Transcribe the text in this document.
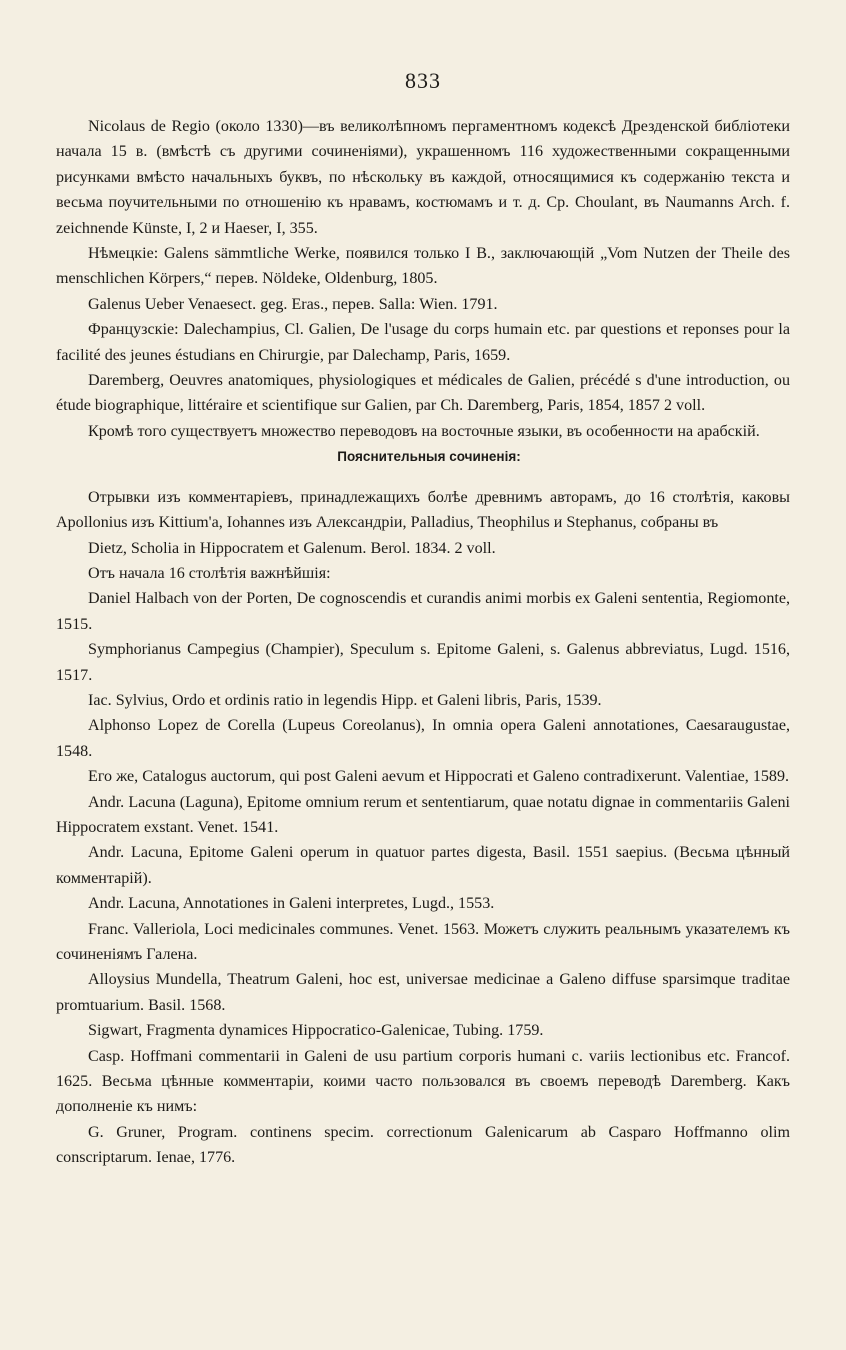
833

Nicolaus de Regio (около 1330)—въ великолѣпномъ пергаментномъ кодексѣ Дрезденской библіотеки начала 15 в. (вмѣстѣ съ другими сочиненіями), украшенномъ 116 художественными сокращенными рисунками вмѣсто начальныхъ буквъ, по нѣскольку въ каждой, относящимися къ содержанію текста и весьма поучительными по отношенію къ нравамъ, костюмамъ и т. д. Ср. Choulant, въ Naumanns Arch. f. zeichnende Künste, I, 2 и Haeser, I, 355.

Нѣмецкіе: Galens sämmtliche Werke, появился только I В., заключающій „Vom Nutzen der Theile des menschlichen Körpers,“ перев. Nöldeke, Oldenburg, 1805.

Galenus Ueber Venaesect. geg. Eras., перев. Salla: Wien. 1791.

Французскіе: Dalechampius, Cl. Galien, De l'usage du corps humain etc. par questions et reponses pour la facilité des jeunes éstudians en Chirurgie, par Dalechamp, Paris, 1659.

Daremberg, Oeuvres anatomiques, physiologiques et médicales de Galien, précédé s d'une introduction, ou étude biographique, littéraire et scientifique sur Galien, par Ch. Daremberg, Paris, 1854, 1857 2 voll.

Кромѣ того существуетъ множество переводовъ на восточные языки, въ особенности на арабскій.

Пояснительныя сочиненія:

Отрывки изъ комментаріевъ, принадлежащихъ болѣе древнимъ авторамъ, до 16 столѣтія, каковы Apollonius изъ Kittium'a, Iohannes изъ Александріи, Palladius, Theophilus и Stephanus, собраны въ

Dietz, Scholia in Hippocratem et Galenum. Berol. 1834. 2 voll.

Отъ начала 16 столѣтія важнѣйшія:

Daniel Halbach von der Porten, De cognoscendis et curandis animi morbis ex Galeni sententia, Regiomonte, 1515.

Symphorianus Campegius (Champier), Speculum s. Epitome Galeni, s. Galenus abbreviatus, Lugd. 1516, 1517.

Iac. Sylvius, Ordo et ordinis ratio in legendis Hipp. et Galeni libris, Paris, 1539.

Alphonso Lopez de Corella (Lupeus Coreolanus), In omnia opera Galeni annotationes, Caesaraugustae, 1548.

Его же, Catalogus auctorum, qui post Galeni aevum et Hippocrati et Galeno contradixerunt. Valentiae, 1589.

Andr. Lacuna (Laguna), Epitome omnium rerum et sententiarum, quae notatu dignae in commentariis Galeni Hippocratem exstant. Venet. 1541.

Andr. Lacuna, Epitome Galeni operum in quatuor partes digesta, Basil. 1551 saepius. (Весьма цѣнный комментарій).

Andr. Lacuna, Annotationes in Galeni interpretes, Lugd., 1553.

Franc. Valleriola, Loci medicinales communes. Venet. 1563. Можетъ служить реальнымъ указателемъ къ сочиненіямъ Галена.

Alloysius Mundella, Theatrum Galeni, hoc est, universae medicinae a Galeno diffuse sparsimque traditae promtuarium. Basil. 1568.

Sigwart, Fragmenta dynamices Hippocratico-Galenicae, Tubing. 1759.

Casp. Hoffmani commentarii in Galeni de usu partium corporis humani c. variis lectionibus etc. Francof. 1625. Весьма цѣнные комментаріи, коими часто пользовался въ своемъ переводѣ Daremberg. Какъ дополненіе къ нимъ:

G. Gruner, Program. continens specim. correctionum Galenicarum ab Casparo Hoffmanno olim conscriptarum. Ienae, 1776.
